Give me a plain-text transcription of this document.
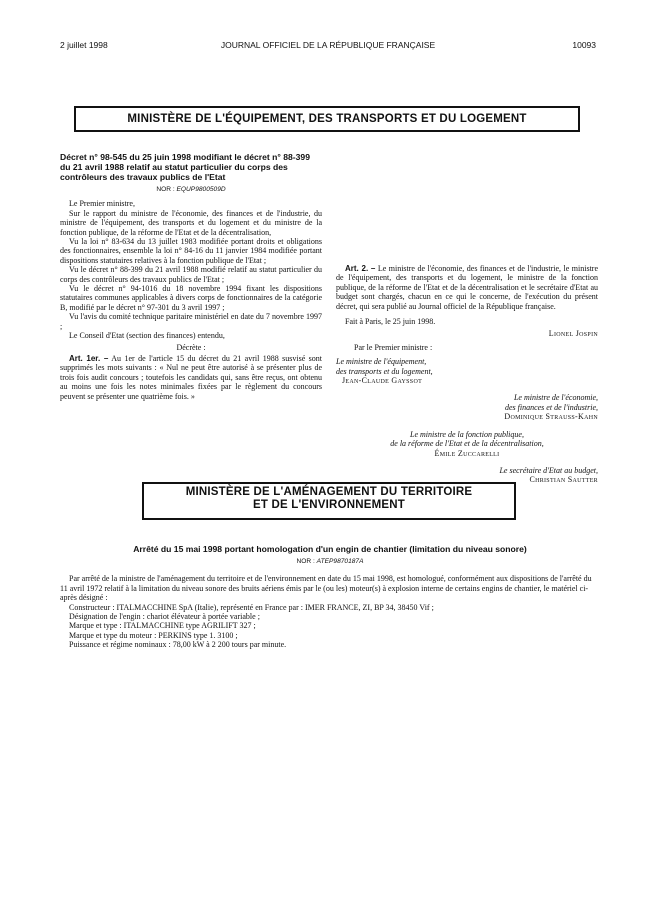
2 juillet 1998	JOURNAL OFFICIEL DE LA RÉPUBLIQUE FRANÇAISE	10093
MINISTÈRE DE L'ÉQUIPEMENT, DES TRANSPORTS ET DU LOGEMENT
Décret n° 98-545 du 25 juin 1998 modifiant le décret n° 88-399 du 21 avril 1988 relatif au statut particulier du corps des contrôleurs des travaux publics de l'Etat
NOR : EQUP9800509D

Le Premier ministre,

Sur le rapport du ministre de l'économie, des finances et de l'industrie, du ministre de l'équipement, des transports et du logement et du ministre de la fonction publique, de la réforme de l'Etat et de la décentralisation,

Vu la loi n° 83-634 du 13 juillet 1983 modifiée portant droits et obligations des fonctionnaires, ensemble la loi n° 84-16 du 11 janvier 1984 modifiée portant dispositions statutaires relatives à la fonction publique de l'Etat ;

Vu le décret n° 88-399 du 21 avril 1988 modifié relatif au statut particulier du corps des contrôleurs des travaux publics de l'Etat ;

Vu le décret n° 94-1016 du 18 novembre 1994 fixant les dispositions statutaires communes applicables à divers corps de fonctionnaires de la catégorie B, modifié par le décret n° 97-301 du 3 avril 1997 ;

Vu l'avis du comité technique paritaire ministériel en date du 7 novembre 1997 ;

Le Conseil d'Etat (section des finances) entendu,

Décrète :

Art. 1er. – Au 1er de l'article 15 du décret du 21 avril 1988 susvisé sont supprimés les mots suivants : « Nul ne peut être autorisé à se présenter plus de trois fois audit concours ; toutefois les candidats qui, sans être reçus, ont obtenu au moins une fois les notes minimales fixées par le règlement du concours peuvent se présenter une quatrième fois. »

Art. 2. – Le ministre de l'économie, des finances et de l'industrie, le ministre de l'équipement, des transports et du logement, le ministre de la fonction publique, de la réforme de l'Etat et de la décentralisation et le secrétaire d'Etat au budget sont chargés, chacun en ce qui le concerne, de l'exécution du présent décret, qui sera publié au Journal officiel de la République française.

Fait à Paris, le 25 juin 1998.

Lionel Jospin
Par le Premier ministre :
Le ministre de l'équipement,
des transports et du logement,
Jean-Claude Gayssot
Le ministre de l'économie,
des finances et de l'industrie,
Dominique Strauss-Kahn
Le ministre de la fonction publique,
de la réforme de l'Etat et de la décentralisation,
Émile Zuccarelli
Le secrétaire d'Etat au budget,
Christian Sautter
MINISTÈRE DE L'AMÉNAGEMENT DU TERRITOIRE
ET DE L'ENVIRONNEMENT
Arrêté du 15 mai 1998 portant homologation d'un engin de chantier (limitation du niveau sonore)
NOR : ATEP9870187A

Par arrêté de la ministre de l'aménagement du territoire et de l'environnement en date du 15 mai 1998, est homologué, conformément aux dispositions de l'arrêté du 11 avril 1972 relatif à la limitation du niveau sonore des bruits aériens émis par le (ou les) moteur(s) à explosion interne de certains engins de chantier, le matériel ci-après désigné :

Constructeur : ITALMACCHINE SpA (Italie), représenté en France par : IMER FRANCE, ZI, BP 34, 38450 Vif ;

Désignation de l'engin : chariot élévateur à portée variable ;

Marque et type : ITALMACCHINE type AGRILIFT 327 ;

Marque et type du moteur : PERKINS type 1. 3100 ;

Puissance et régime nominaux : 78,00 kW à 2 200 tours par minute.
